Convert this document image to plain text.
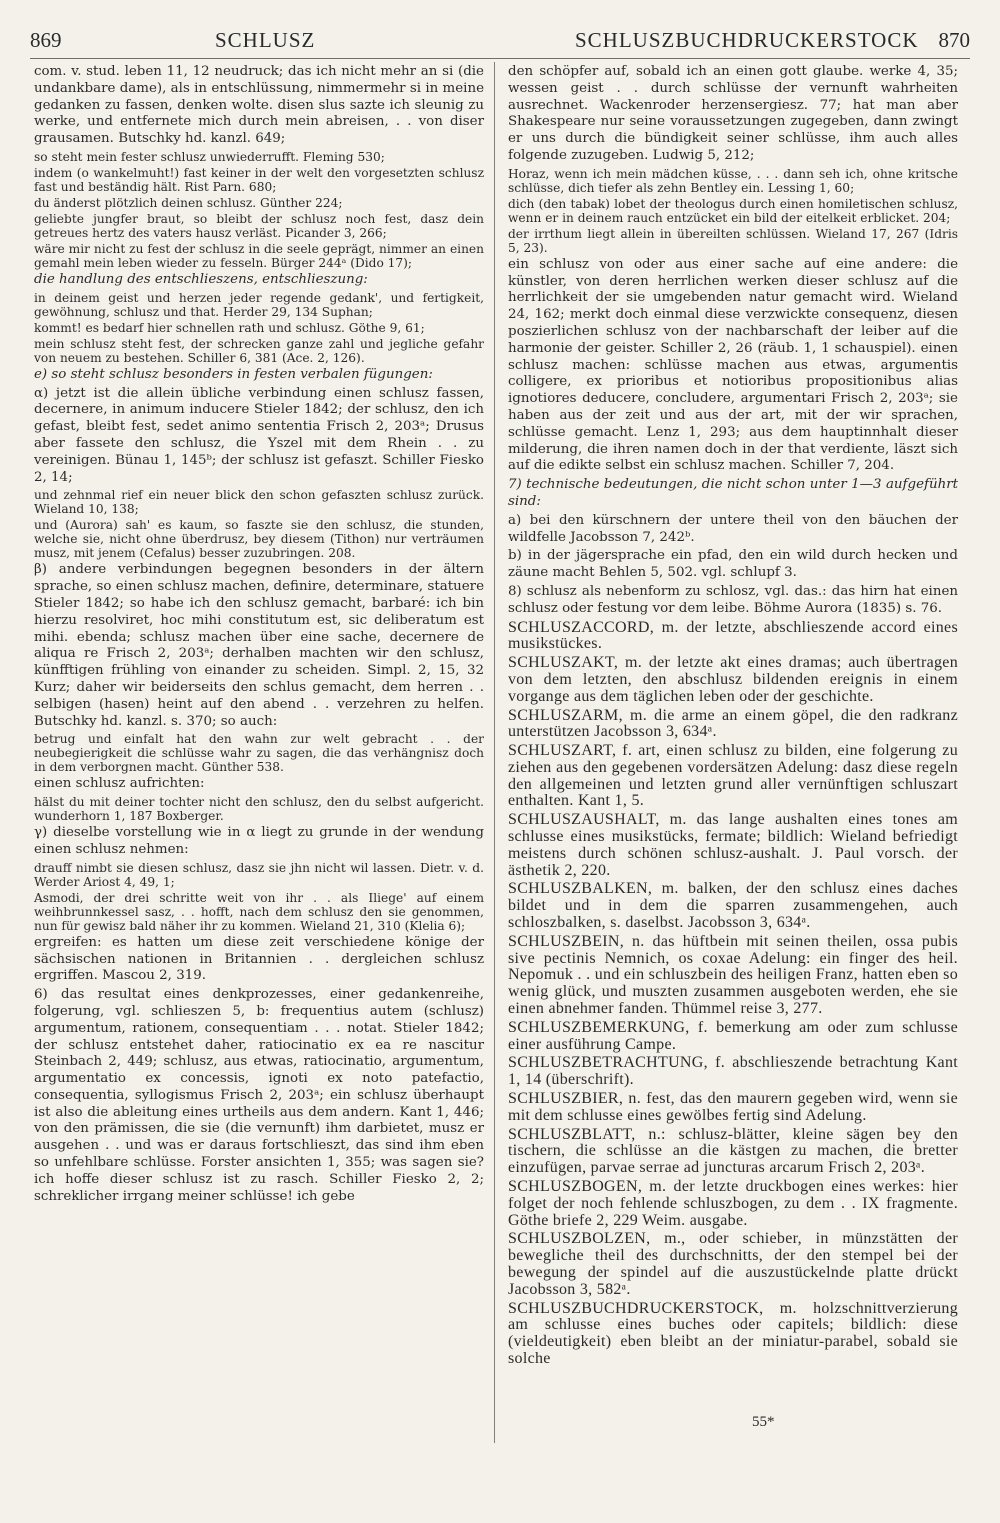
869	SCHLUSZ	SCHLUSZBUCHDRUCKERSTOCK 870

com. v. stud. leben 11, 12 neudruck; das ich nicht mehr an si (die undankbare dame), als in entschlüssung, nimmermehr si in meine gedanken zu fassen, denken wolte. disen slus sazte ich sleunig zu werke, und entfernete mich durch mein abreisen, . . von diser grausamen. Butschky hd. kanzl. 649;

so steht mein fester schlusz unwiederrufft. Fleming 530;

indem (o wankelmuht!) fast keiner in der welt den vorgesetzten schlusz fast und beständig hält. Rist Parn. 680;

du änderst plötzlich deinen schlusz. Günther 224;

geliebte jungfer braut, so bleibt der schlusz noch fest, dasz dein getreues hertz des vaters hausz verläst. Picander 3, 266;

wäre mir nicht zu fest der schlusz in die seele geprägt, nimmer an einen gemahl mein leben wieder zu fesseln. Bürger 244ᵃ (Dido 17);

die handlung des entschlieszens, entschlieszung:

in deinem geist und herzen jeder regende gedank', und fertigkeit, gewöhnung, schlusz und that. Herder 29, 134 Suphan;

kommt! es bedarf hier schnellen rath und schlusz. Göthe 9, 61;

mein schlusz steht fest, der schrecken ganze zahl und jegliche gefahr von neuem zu bestehen. Schiller 6, 381 (Ace. 2, 126).

e) so steht schlusz besonders in festen verbalen fügungen:

α) jetzt ist die allein übliche verbindung einen schlusz fassen, decernere, in animum inducere Stieler 1842; der schlusz, den ich gefast, bleibt fest, sedet animo sententia Frisch 2, 203ᵃ; Drusus aber fassete den schlusz, die Yszel mit dem Rhein . . zu vereinigen. Bünau 1, 145ᵇ; der schlusz ist gefaszt. Schiller Fiesko 2, 14;

und zehnmal rief ein neuer blick den schon gefaszten schlusz zurück. Wieland 10, 138;

und (Aurora) sah' es kaum, so faszte sie den schlusz, die stunden, welche sie, nicht ohne überdrusz, bey diesem (Tithon) nur verträumen musz, mit jenem (Cefalus) besser zuzubringen. 208.

β) andere verbindungen begegnen besonders in der ältern sprache, so einen schlusz machen, definire, determinare, statuere Stieler 1842; so habe ich den schlusz gemacht, barbaré: ich bin hierzu resolviret, hoc mihi constitutum est, sic deliberatum est mihi. ebenda; schlusz machen über eine sache, decernere de aliqua re Frisch 2, 203ᵃ; derhalben machten wir den schlusz, künfftigen frühling von einander zu scheiden. Simpl. 2, 15, 32 Kurz; daher wir beiderseits den schlus gemacht, dem herren . . selbigen (hasen) heint auf den abend . . verzehren zu helfen. Butschky hd. kanzl. s. 370; so auch:

betrug und einfalt hat den wahn zur welt gebracht . . der neubegierigkeit die schlüsse wahr zu sagen, die das verhängnisz doch in dem verborgnen macht. Günther 538.

einen schlusz aufrichten:

hälst du mit deiner tochter nicht den schlusz, den du selbst aufgericht. wunderhorn 1, 187 Boxberger.

γ) dieselbe vorstellung wie in α liegt zu grunde in der wendung einen schlusz nehmen:

drauff nimbt sie diesen schlusz, dasz sie jhn nicht wil lassen. Dietr. v. d. Werder Ariost 4, 49, 1;

Asmodi, der drei schritte weit von ihr . . als Iliege' auf einem weihbrunnkessel sasz, . . hofft, nach dem schlusz den sie genommen, nun für gewisz bald näher ihr zu kommen. Wieland 21, 310 (Klelia 6);

ergreifen: es hatten um diese zeit verschiedene könige der sächsischen nationen in Britannien . . dergleichen schlusz ergriffen. Mascou 2, 319.

6) das resultat eines denkprozesses, einer gedankenreihe, folgerung, vgl. schlieszen 5, b: frequentius autem (schlusz) argumentum, rationem, consequentiam . . . notat. Stieler 1842; der schlusz entstehet daher, ratiocinatio ex ea re nascitur Steinbach 2, 449; schlusz, aus etwas, ratiocinatio, argumentum, argumentatio ex concessis, ignoti ex noto patefactio, consequentia, syllogismus Frisch 2, 203ᵃ; ein schlusz überhaupt ist also die ableitung eines urtheils aus dem andern. Kant 1, 446; von den prämissen, die sie (die vernunft) ihm darbietet, musz er ausgehen . . und was er daraus fortschlieszt, das sind ihm eben so unfehlbare schlüsse. Forster ansichten 1, 355; was sagen sie? ich hoffe dieser schlusz ist zu rasch. Schiller Fiesko 2, 2; schreklicher irrgang meiner schlüsse! ich gebe

den schöpfer auf, sobald ich an einen gott glaube. werke 4, 35; wessen geist . . durch schlüsse der vernunft wahrheiten ausrechnet. Wackenroder herzensergiesz. 77; hat man aber Shakespeare nur seine voraussetzungen zugegeben, dann zwingt er uns durch die bündigkeit seiner schlüsse, ihm auch alles folgende zuzugeben. Ludwig 5, 212;

Horaz, wenn ich mein mädchen küsse, . . . dann seh ich, ohne kritsche schlüsse, dich tiefer als zehn Bentley ein. Lessing 1, 60;

dich (den tabak) lobet der theologus durch einen homiletischen schlusz, wenn er in deinem rauch entzücket ein bild der eitelkeit erblicket. 204;

der irrthum liegt allein in übereilten schlüssen. Wieland 17, 267 (Idris 5, 23).

ein schlusz von oder aus einer sache auf eine andere: die künstler, von deren herrlichen werken dieser schlusz auf die herrlichkeit der sie umgebenden natur gemacht wird. Wieland 24, 162; merkt doch einmal diese verzwickte consequenz, diesen poszierlichen schlusz von der nachbarschaft der leiber auf die harmonie der geister. Schiller 2, 26 (räub. 1, 1 schauspiel). einen schlusz machen: schlüsse machen aus etwas, argumentis colligere, ex prioribus et notioribus propositionibus alias ignotiores deducere, concludere, argumentari Frisch 2, 203ᵃ; sie haben aus der zeit und aus der art, mit der wir sprachen, schlüsse gemacht. Lenz 1, 293; aus dem hauptinnhalt dieser milderung, die ihren namen doch in der that verdiente, läszt sich auf die edikte selbst ein schlusz machen. Schiller 7, 204.

7) technische bedeutungen, die nicht schon unter 1—3 aufgeführt sind:

a) bei den kürschnern der untere theil von den bäuchen der wildfelle Jacobsson 7, 242ᵇ.

b) in der jägersprache ein pfad, den ein wild durch hecken und zäune macht Behlen 5, 502. vgl. schlupf 3.

8) schlusz als nebenform zu schlosz, vgl. das.: das hirn hat einen schlusz oder festung vor dem leibe. Böhme Aurora (1835) s. 76.

SCHLUSZACCORD, m. der letzte, abschlieszende accord eines musikstückes.

SCHLUSZAKT, m. der letzte akt eines dramas; auch übertragen von dem letzten, den abschlusz bildenden ereignis in einem vorgange aus dem täglichen leben oder der geschichte.

SCHLUSZARM, m. die arme an einem göpel, die den radkranz unterstützen Jacobsson 3, 634ᵃ.

SCHLUSZART, f. art, einen schlusz zu bilden, eine folgerung zu ziehen aus den gegebenen vordersätzen Adelung: dasz diese regeln den allgemeinen und letzten grund aller vernünftigen schluszart enthalten. Kant 1, 5.

SCHLUSZAUSHALT, m. das lange aushalten eines tones am schlusse eines musikstücks, fermate; bildlich: Wieland befriedigt meistens durch schönen schlusz-aushalt. J. Paul vorsch. der ästhetik 2, 220.

SCHLUSZBALKEN, m. balken, der den schlusz eines daches bildet und in dem die sparren zusammengehen, auch schloszbalken, s. daselbst. Jacobsson 3, 634ᵃ.

SCHLUSZBEIN, n. das hüftbein mit seinen theilen, ossa pubis sive pectinis Nemnich, os coxae Adelung: ein finger des heil. Nepomuk . . und ein schluszbein des heiligen Franz, hatten eben so wenig glück, und muszten zusammen ausgeboten werden, ehe sie einen abnehmer fanden. Thümmel reise 3, 277.

SCHLUSZBEMERKUNG, f. bemerkung am oder zum schlusse einer ausführung Campe.

SCHLUSZBETRACHTUNG, f. abschlieszende betrachtung Kant 1, 14 (überschrift).

SCHLUSZBIER, n. fest, das den maurern gegeben wird, wenn sie mit dem schlusse eines gewölbes fertig sind Adelung.

SCHLUSZBLATT, n.: schlusz-blätter, kleine sägen bey den tischern, die schlüsse an die kästgen zu machen, die bretter einzufügen, parvae serrae ad juncturas arcarum Frisch 2, 203ᵃ.

SCHLUSZBOGEN, m. der letzte druckbogen eines werkes: hier folget der noch fehlende schluszbogen, zu dem . . IX fragmente. Göthe briefe 2, 229 Weim. ausgabe.

SCHLUSZBOLZEN, m., oder schieber, in münzstätten der bewegliche theil des durchschnitts, der den stempel bei der bewegung der spindel auf die auszustückelnde platte drückt Jacobsson 3, 582ᵃ.

SCHLUSZBUCHDRUCKERSTOCK, m. holzschnittverzierung am schlusse eines buches oder capitels; bildlich: diese (vieldeutigkeit) eben bleibt an der miniatur-parabel, sobald sie solche

55*
